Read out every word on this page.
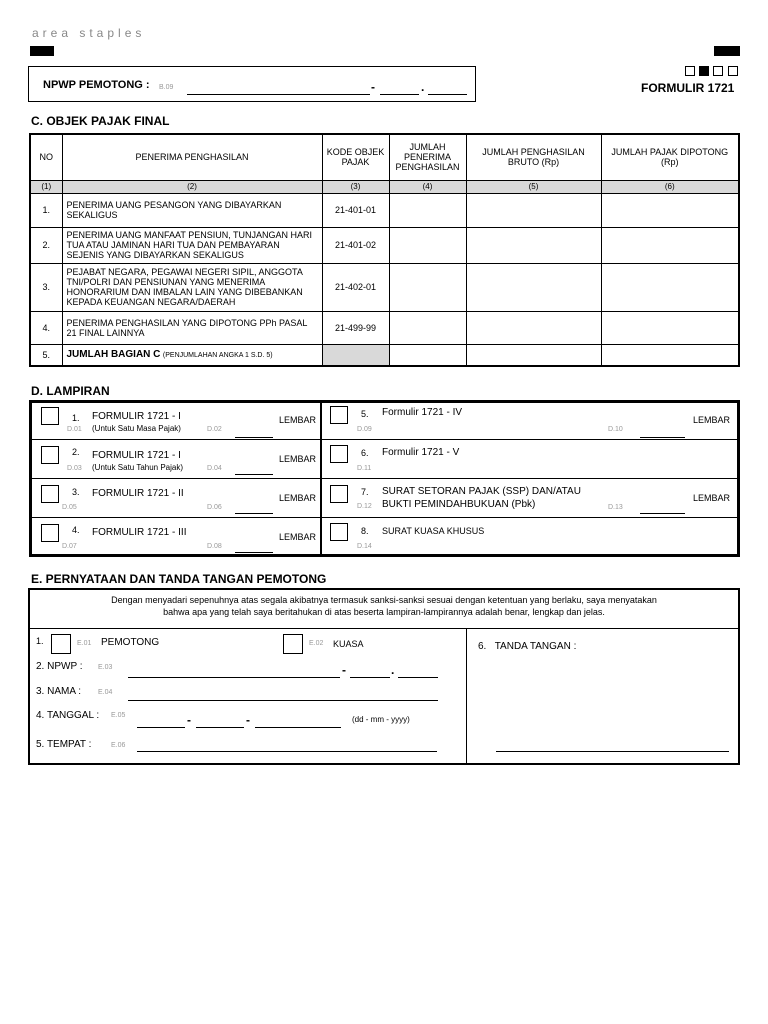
area staples
NPWP PEMOTONG : B.09	-	.	FORMULIR 1721
C. OBJEK PAJAK FINAL
NO	PENERIMA PENGHASILAN	KODE OBJEK PAJAK	JUMLAH PENERIMA PENGHASILAN	JUMLAH PENGHASILAN BRUTO (Rp)	JUMLAH PAJAK DIPOTONG (Rp)
(1)	(2)	(3)	(4)	(5)	(6)
1.	PENERIMA UANG PESANGON YANG DIBAYARKAN SEKALIGUS	21-401-01			
2.	PENERIMA UANG MANFAAT PENSIUN, TUNJANGAN HARI TUA ATAU JAMINAN HARI TUA DAN PEMBAYARAN SEJENIS YANG DIBAYARKAN SEKALIGUS	21-401-02			
3.	PEJABAT NEGARA, PEGAWAI NEGERI SIPIL, ANGGOTA TNI/POLRI DAN PENSIUNAN YANG MENERIMA HONORARIUM DAN IMBALAN LAIN YANG DIBEBANKAN KEPADA KEUANGAN NEGARA/DAERAH	21-402-01			
4.	PENERIMA PENGHASILAN YANG DIPOTONG PPh PASAL 21 FINAL LAINNYA	21-499-99			
5.	JUMLAH BAGIAN C (PENJUMLAHAN ANGKA 1 S.D. 5)				
D. LAMPIRAN
1. FORMULIR 1721 - I
D.01 (Untuk Satu Masa Pajak)	D.02
LEMBAR
2. FORMULIR 1721 - I
D.03 (Untuk Satu Tahun Pajak)	D.04
LEMBAR
3. FORMULIR 1721 - II
D.05	D.06
LEMBAR
4. FORMULIR 1721 - III
D.07	D.08
LEMBAR
5. Formulir 1721 - IV
D.09	D.10
LEMBAR
6. Formulir 1721 - V
D.11
7. SURAT SETORAN PAJAK (SSP) DAN/ATAU
D.12 BUKTI PEMINDAHBUKUAN (Pbk)	D.13
LEMBAR
8. SURAT KUASA KHUSUS
D.14
E. PERNYATAAN DAN TANDA TANGAN PEMOTONG
Dengan menyadari sepenuhnya atas segala akibatnya termasuk sanksi-sanksi sesuai dengan ketentuan yang berlaku, saya menyatakan
bahwa apa yang telah saya beritahukan di atas beserta lampiran-lampirannya adalah benar, lengkap dan jelas.
1.	E.01 PEMOTONG	E.02 KUASA
2. NPWP : E.03	-	.
3. NAMA : E.04
4. TANGGAL : E.05	-	-	(dd - mm - yyyy)
5. TEMPAT :	E.06
6. TANDA TANGAN :
